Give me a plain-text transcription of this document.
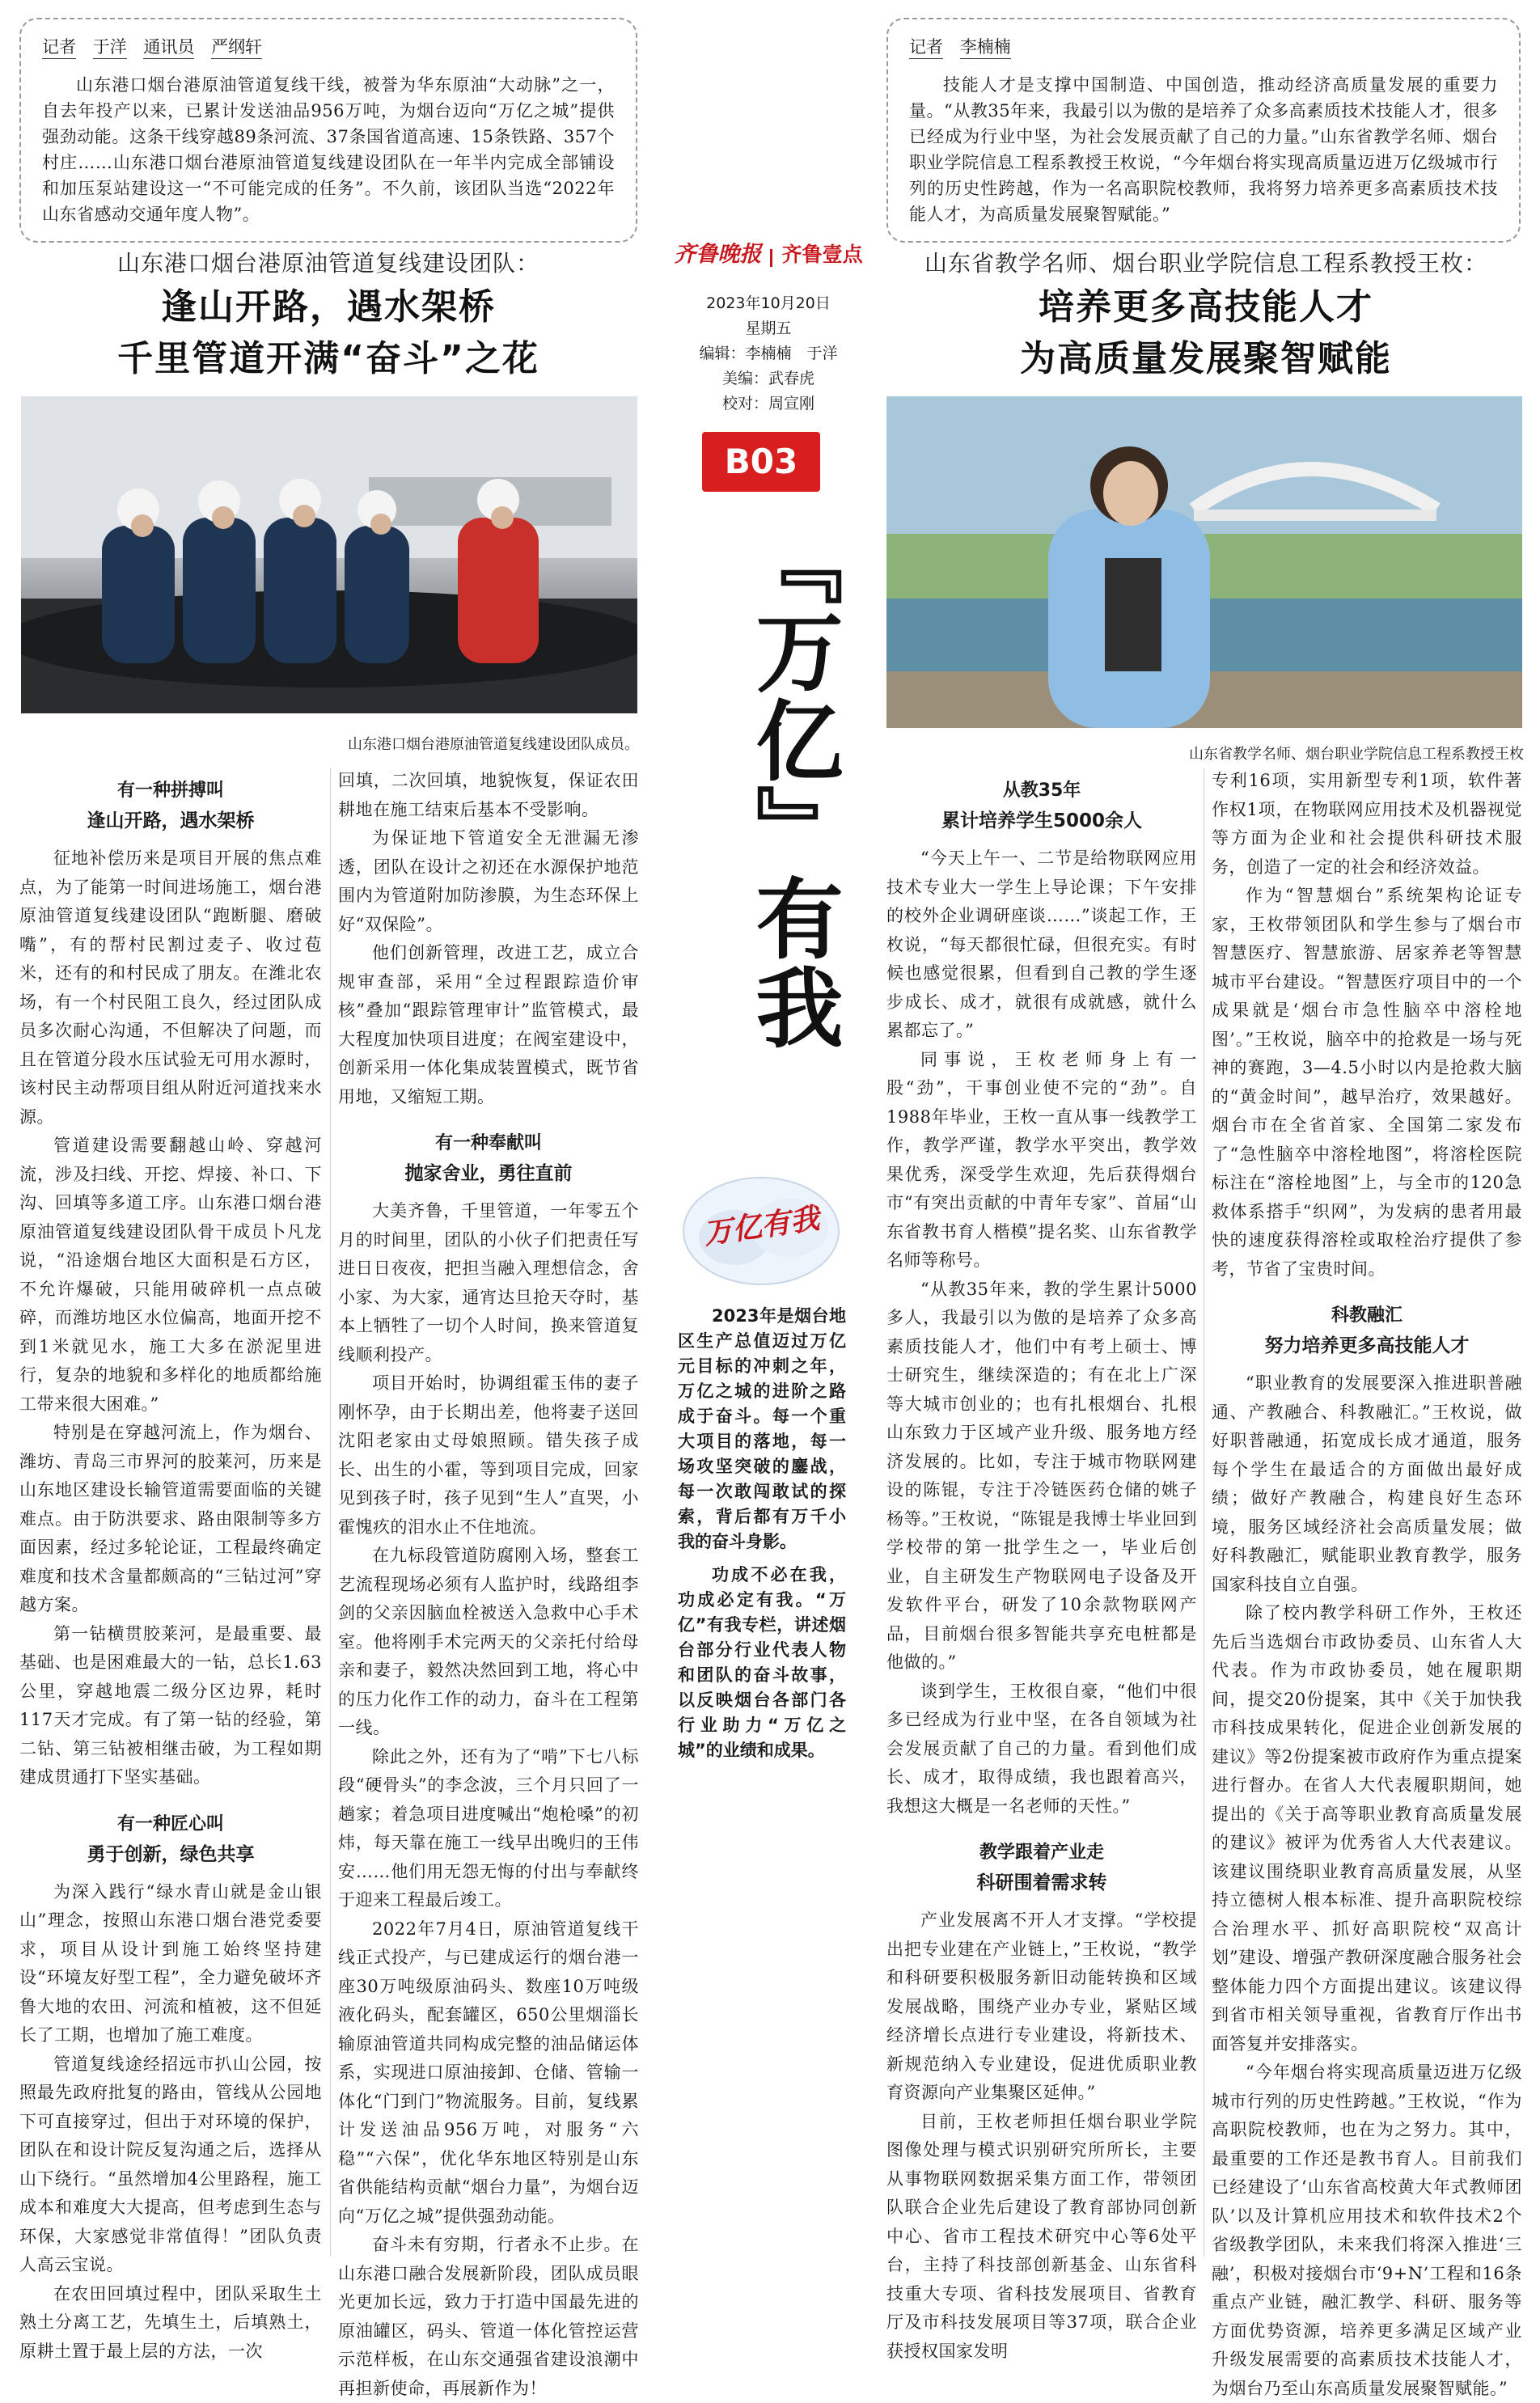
记者 于洋 通讯员 严纲轩

山东港口烟台港原油管道复线干线，被誉为华东原油“大动脉”之一，自去年投产以来，已累计发送油品956万吨，为烟台迈向“万亿之城”提供强劲动能。这条干线穿越89条河流、37条国省道高速、15条铁路、357个村庄……山东港口烟台港原油管道复线建设团队在一年半内完成全部铺设和加压泵站建设这一“不可能完成的任务”。不久前，该团队当选“2022年山东省感动交通年度人物”。

记者 李楠楠

技能人才是支撑中国制造、中国创造，推动经济高质量发展的重要力量。“从教35年来，我最引以为傲的是培养了众多高素质技术技能人才，很多已经成为行业中坚，为社会发展贡献了自己的力量。”山东省教学名师、烟台职业学院信息工程系教授王枚说，“今年烟台将实现高质量迈进万亿级城市行列的历史性跨越，作为一名高职院校教师，我将努力培养更多高素质技术技能人才，为高质量发展聚智赋能。”

齐鲁晚报 齐鲁壹点
2023年10月20日
星期五
编辑：李楠楠　于洋
美编：武春虎
校对：周宣刚
B03
『万亿』有我
万亿有我

2023年是烟台地区生产总值迈过万亿元目标的冲刺之年，万亿之城的进阶之路成于奋斗。每一个重大项目的落地，每一场攻坚突破的鏖战，每一次敢闯敢试的探索，背后都有万千小我的奋斗身影。

功成不必在我，功成必定有我。“万亿”有我专栏，讲述烟台部分行业代表人物和团队的奋斗故事，以反映烟台各部门各行业助力“万亿之城”的业绩和成果。

山东港口烟台港原油管道复线建设团队：
逢山开路，遇水架桥
千里管道开满“奋斗”之花
山东港口烟台港原油管道复线建设团队成员。
有一种拼搏叫
逢山开路，遇水架桥

征地补偿历来是项目开展的焦点难点，为了能第一时间进场施工，烟台港原油管道复线建设团队“跑断腿、磨破嘴”，有的帮村民割过麦子、收过苞米，还有的和村民成了朋友。在潍北农场，有一个村民阻工良久，经过团队成员多次耐心沟通，不但解决了问题，而且在管道分段水压试验无可用水源时，该村民主动帮项目组从附近河道找来水源。

管道建设需要翻越山岭、穿越河流，涉及扫线、开挖、焊接、补口、下沟、回填等多道工序。山东港口烟台港原油管道复线建设团队骨干成员卜凡龙说，“沿途烟台地区大面积是石方区，不允许爆破，只能用破碎机一点点破碎，而潍坊地区水位偏高，地面开挖不到1米就见水，施工大多在淤泥里进行，复杂的地貌和多样化的地质都给施工带来很大困难。”

特别是在穿越河流上，作为烟台、潍坊、青岛三市界河的胶莱河，历来是山东地区建设长输管道需要面临的关键难点。由于防洪要求、路由限制等多方面因素，经过多轮论证，工程最终确定难度和技术含量都颇高的“三钻过河”穿越方案。

第一钻横贯胶莱河，是最重要、最基础、也是困难最大的一钻，总长1.63公里，穿越地震二级分区边界，耗时117天才完成。有了第一钻的经验，第二钻、第三钻被相继击破，为工程如期建成贯通打下坚实基础。

有一种匠心叫
勇于创新，绿色共享

为深入践行“绿水青山就是金山银山”理念，按照山东港口烟台港党委要求，项目从设计到施工始终坚持建设“环境友好型工程”，全力避免破坏齐鲁大地的农田、河流和植被，这不但延长了工期，也增加了施工难度。

管道复线途经招远市扒山公园，按照最先政府批复的路由，管线从公园地下可直接穿过，但出于对环境的保护，团队在和设计院反复沟通之后，选择从山下绕行。“虽然增加4公里路程，施工成本和难度大大提高，但考虑到生态与环保，大家感觉非常值得！”团队负责人高云宝说。

在农田回填过程中，团队采取生土熟土分离工艺，先填生土，后填熟土，原耕土置于最上层的方法，一次

回填，二次回填，地貌恢复，保证农田耕地在施工结束后基本不受影响。

为保证地下管道安全无泄漏无渗透，团队在设计之初还在水源保护地范围内为管道附加防渗膜，为生态环保上好“双保险”。

他们创新管理，改进工艺，成立合规审查部，采用“全过程跟踪造价审核”叠加“跟踪管理审计”监管模式，最大程度加快项目进度；在阀室建设中，创新采用一体化集成装置模式，既节省用地，又缩短工期。

有一种奉献叫
抛家舍业，勇往直前

大美齐鲁，千里管道，一年零五个月的时间里，团队的小伙子们把责任写进日日夜夜，把担当融入理想信念，舍小家、为大家，通宵达旦抢天夺时，基本上牺牲了一切个人时间，换来管道复线顺利投产。

项目开始时，协调组霍玉伟的妻子刚怀孕，由于长期出差，他将妻子送回沈阳老家由丈母娘照顾。错失孩子成长、出生的小霍，等到项目完成，回家见到孩子时，孩子见到“生人”直哭，小霍愧疚的泪水止不住地流。

在九标段管道防腐刚入场，整套工艺流程现场必须有人监护时，线路组李剑的父亲因脑血栓被送入急救中心手术室。他将刚手术完两天的父亲托付给母亲和妻子，毅然决然回到工地，将心中的压力化作工作的动力，奋斗在工程第一线。

除此之外，还有为了“啃”下七八标段“硬骨头”的李念波，三个月只回了一趟家；着急项目进度喊出“炮枪嗓”的初炜，每天靠在施工一线早出晚归的王伟安……他们用无怨无悔的付出与奉献终于迎来工程最后竣工。

2022年7月4日，原油管道复线干线正式投产，与已建成运行的烟台港一座30万吨级原油码头、数座10万吨级液化码头，配套罐区，650公里烟淄长输原油管道共同构成完整的油品储运体系，实现进口原油接卸、仓储、管输一体化“门到门”物流服务。目前，复线累计发送油品956万吨，对服务“六稳”“六保”，优化华东地区特别是山东省供能结构贡献“烟台力量”，为烟台迈向“万亿之城”提供强劲动能。

奋斗未有穷期，行者永不止步。在山东港口融合发展新阶段，团队成员眼光更加长远，致力于打造中国最先进的原油罐区，码头、管道一体化管控运营示范样板，在山东交通强省建设浪潮中再担新使命，再展新作为！

山东省教学名师、烟台职业学院信息工程系教授王枚：
培养更多高技能人才
为高质量发展聚智赋能
山东省教学名师、烟台职业学院信息工程系教授王枚
从教35年
累计培养学生5000余人

“今天上午一、二节是给物联网应用技术专业大一学生上导论课；下午安排的校外企业调研座谈……”谈起工作，王枚说，“每天都很忙碌，但很充实。有时候也感觉很累，但看到自己教的学生逐步成长、成才，就很有成就感，就什么累都忘了。”

同事说，王枚老师身上有一股“劲”，干事创业使不完的“劲”。自1988年毕业，王枚一直从事一线教学工作，教学严谨，教学水平突出，教学效果优秀，深受学生欢迎，先后获得烟台市“有突出贡献的中青年专家”、首届“山东省教书育人楷模”提名奖、山东省教学名师等称号。

“从教35年来，教的学生累计5000多人，我最引以为傲的是培养了众多高素质技能人才，他们中有考上硕士、博士研究生，继续深造的；有在北上广深等大城市创业的；也有扎根烟台、扎根山东致力于区域产业升级、服务地方经济发展的。比如，专注于城市物联网建设的陈锟，专注于冷链医药仓储的姚子杨等。”王枚说，“陈锟是我博士毕业回到学校带的第一批学生之一，毕业后创业，自主研发生产物联网电子设备及开发软件平台，研发了10余款物联网产品，目前烟台很多智能共享充电桩都是他做的。”

谈到学生，王枚很自豪，“他们中很多已经成为行业中坚，在各自领域为社会发展贡献了自己的力量。看到他们成长、成才，取得成绩，我也跟着高兴，我想这大概是一名老师的天性。”

教学跟着产业走
科研围着需求转

产业发展离不开人才支撑。“学校提出把专业建在产业链上，”王枚说，“教学和科研要积极服务新旧动能转换和区域发展战略，围绕产业办专业，紧贴区域经济增长点进行专业建设，将新技术、新规范纳入专业建设，促进优质职业教育资源向产业集聚区延伸。”

目前，王枚老师担任烟台职业学院图像处理与模式识别研究所所长，主要从事物联网数据采集方面工作，带领团队联合企业先后建设了教育部协同创新中心、省市工程技术研究中心等6处平台，主持了科技部创新基金、山东省科技重大专项、省科技发展项目、省教育厅及市科技发展项目等37项，联合企业获授权国家发明

专利16项，实用新型专利1项，软件著作权1项，在物联网应用技术及机器视觉等方面为企业和社会提供科研技术服务，创造了一定的社会和经济效益。

作为“智慧烟台”系统架构论证专家，王枚带领团队和学生参与了烟台市智慧医疗、智慧旅游、居家养老等智慧城市平台建设。“智慧医疗项目中的一个成果就是‘烟台市急性脑卒中溶栓地图’。”王枚说，脑卒中的抢救是一场与死神的赛跑，3—4.5小时以内是抢救大脑的“黄金时间”，越早治疗，效果越好。烟台市在全省首家、全国第二家发布了“急性脑卒中溶栓地图”，将溶栓医院标注在“溶栓地图”上，与全市的120急救体系搭手“织网”，为发病的患者用最快的速度获得溶栓或取栓治疗提供了参考，节省了宝贵时间。

科教融汇
努力培养更多高技能人才

“职业教育的发展要深入推进职普融通、产教融合、科教融汇。”王枚说，做好职普融通，拓宽成长成才通道，服务每个学生在最适合的方面做出最好成绩；做好产教融合，构建良好生态环境，服务区域经济社会高质量发展；做好科教融汇，赋能职业教育教学，服务国家科技自立自强。

除了校内教学科研工作外，王枚还先后当选烟台市政协委员、山东省人大代表。作为市政协委员，她在履职期间，提交20份提案，其中《关于加快我市科技成果转化，促进企业创新发展的建议》等2份提案被市政府作为重点提案进行督办。在省人大代表履职期间，她提出的《关于高等职业教育高质量发展的建议》被评为优秀省人大代表建议。该建议围绕职业教育高质量发展，从坚持立德树人根本标准、提升高职院校综合治理水平、抓好高职院校“双高计划”建设、增强产教研深度融合服务社会整体能力四个方面提出建议。该建议得到省市相关领导重视，省教育厅作出书面答复并安排落实。

“今年烟台将实现高质量迈进万亿级城市行列的历史性跨越。”王枚说，“作为高职院校教师，也在为之努力。其中，最重要的工作还是教书育人。目前我们已经建设了‘山东省高校黄大年式教师团队’以及计算机应用技术和软件技术2个省级教学团队，未来我们将深入推进‘三融’，积极对接烟台市‘9+N’工程和16条重点产业链，融汇教学、科研、服务等方面优势资源，培养更多满足区域产业升级发展需要的高素质技术技能人才，为烟台乃至山东高质量发展聚智赋能。”
